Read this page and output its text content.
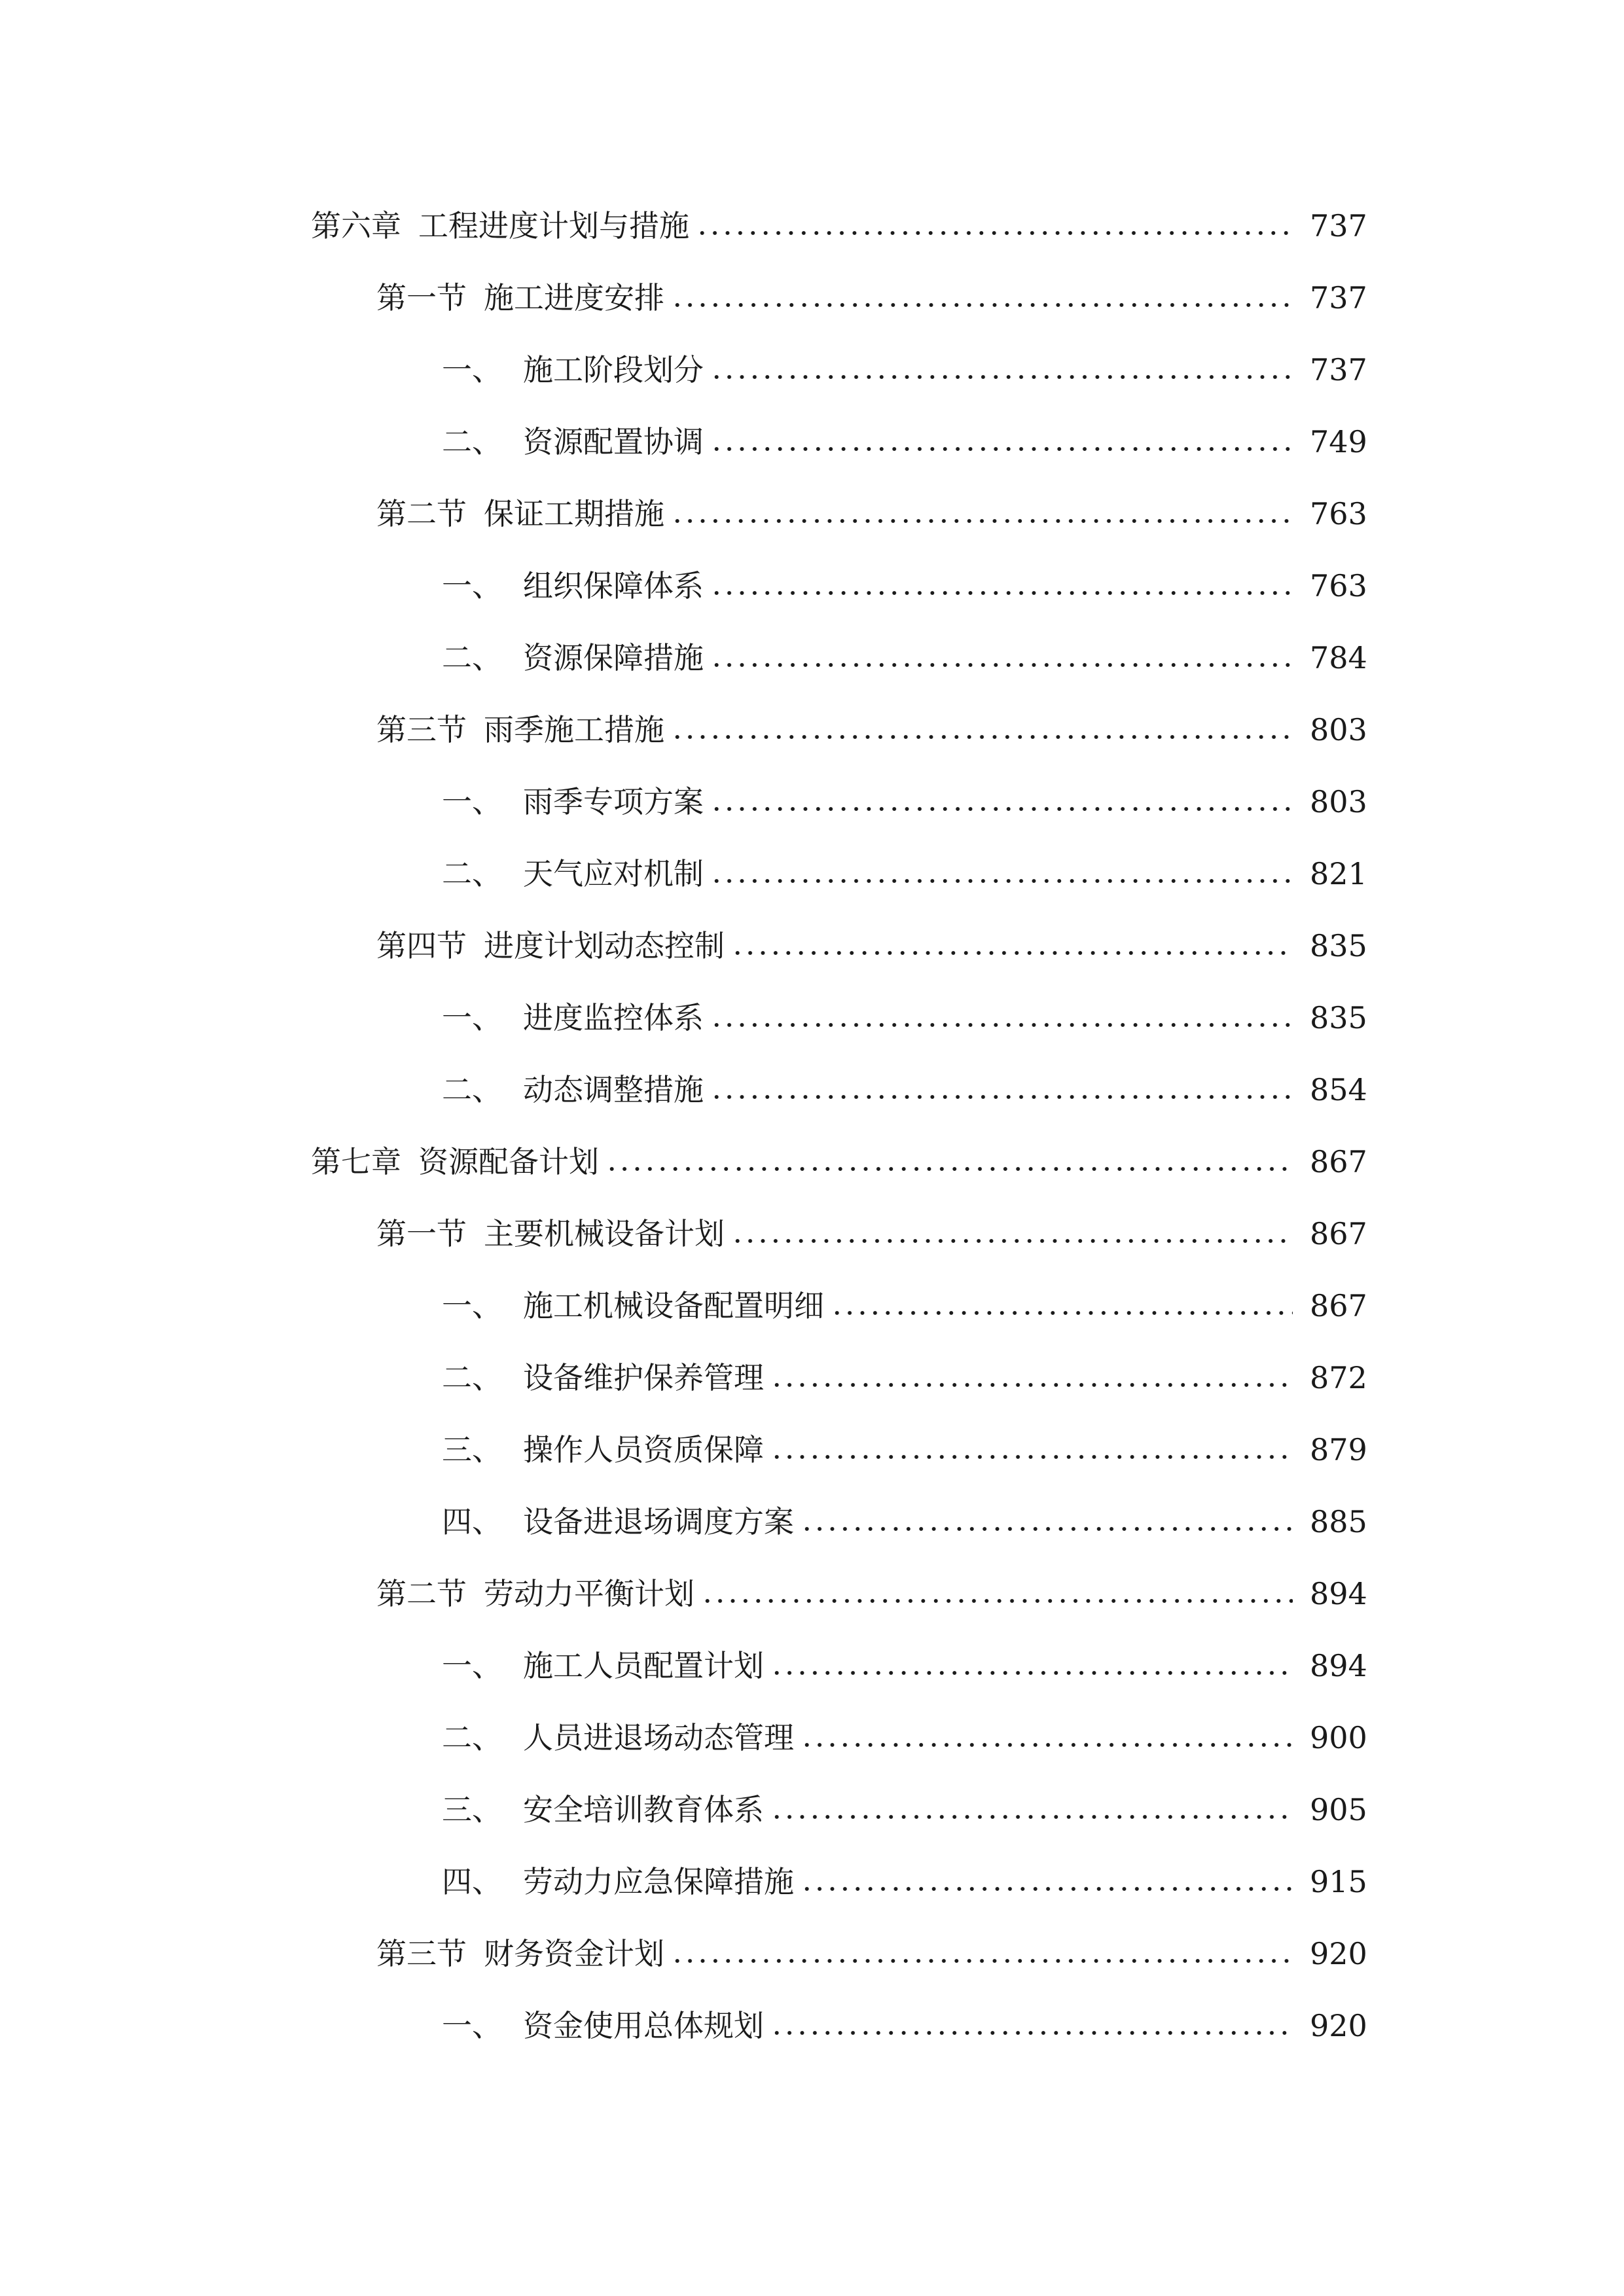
第六章 工程进度计划与措施	737
第一节 施工进度安排	737
一、 施工阶段划分	737
二、 资源配置协调	749
第二节 保证工期措施	763
一、 组织保障体系	763
二、 资源保障措施	784
第三节 雨季施工措施	803
一、 雨季专项方案	803
二、 天气应对机制	821
第四节 进度计划动态控制	835
一、 进度监控体系	835
二、 动态调整措施	854
第七章 资源配备计划	867
第一节 主要机械设备计划	867
一、 施工机械设备配置明细	867
二、 设备维护保养管理	872
三、 操作人员资质保障	879
四、 设备进退场调度方案	885
第二节 劳动力平衡计划	894
一、 施工人员配置计划	894
二、 人员进退场动态管理	900
三、 安全培训教育体系	905
四、 劳动力应急保障措施	915
第三节 财务资金计划	920
一、 资金使用总体规划	920
